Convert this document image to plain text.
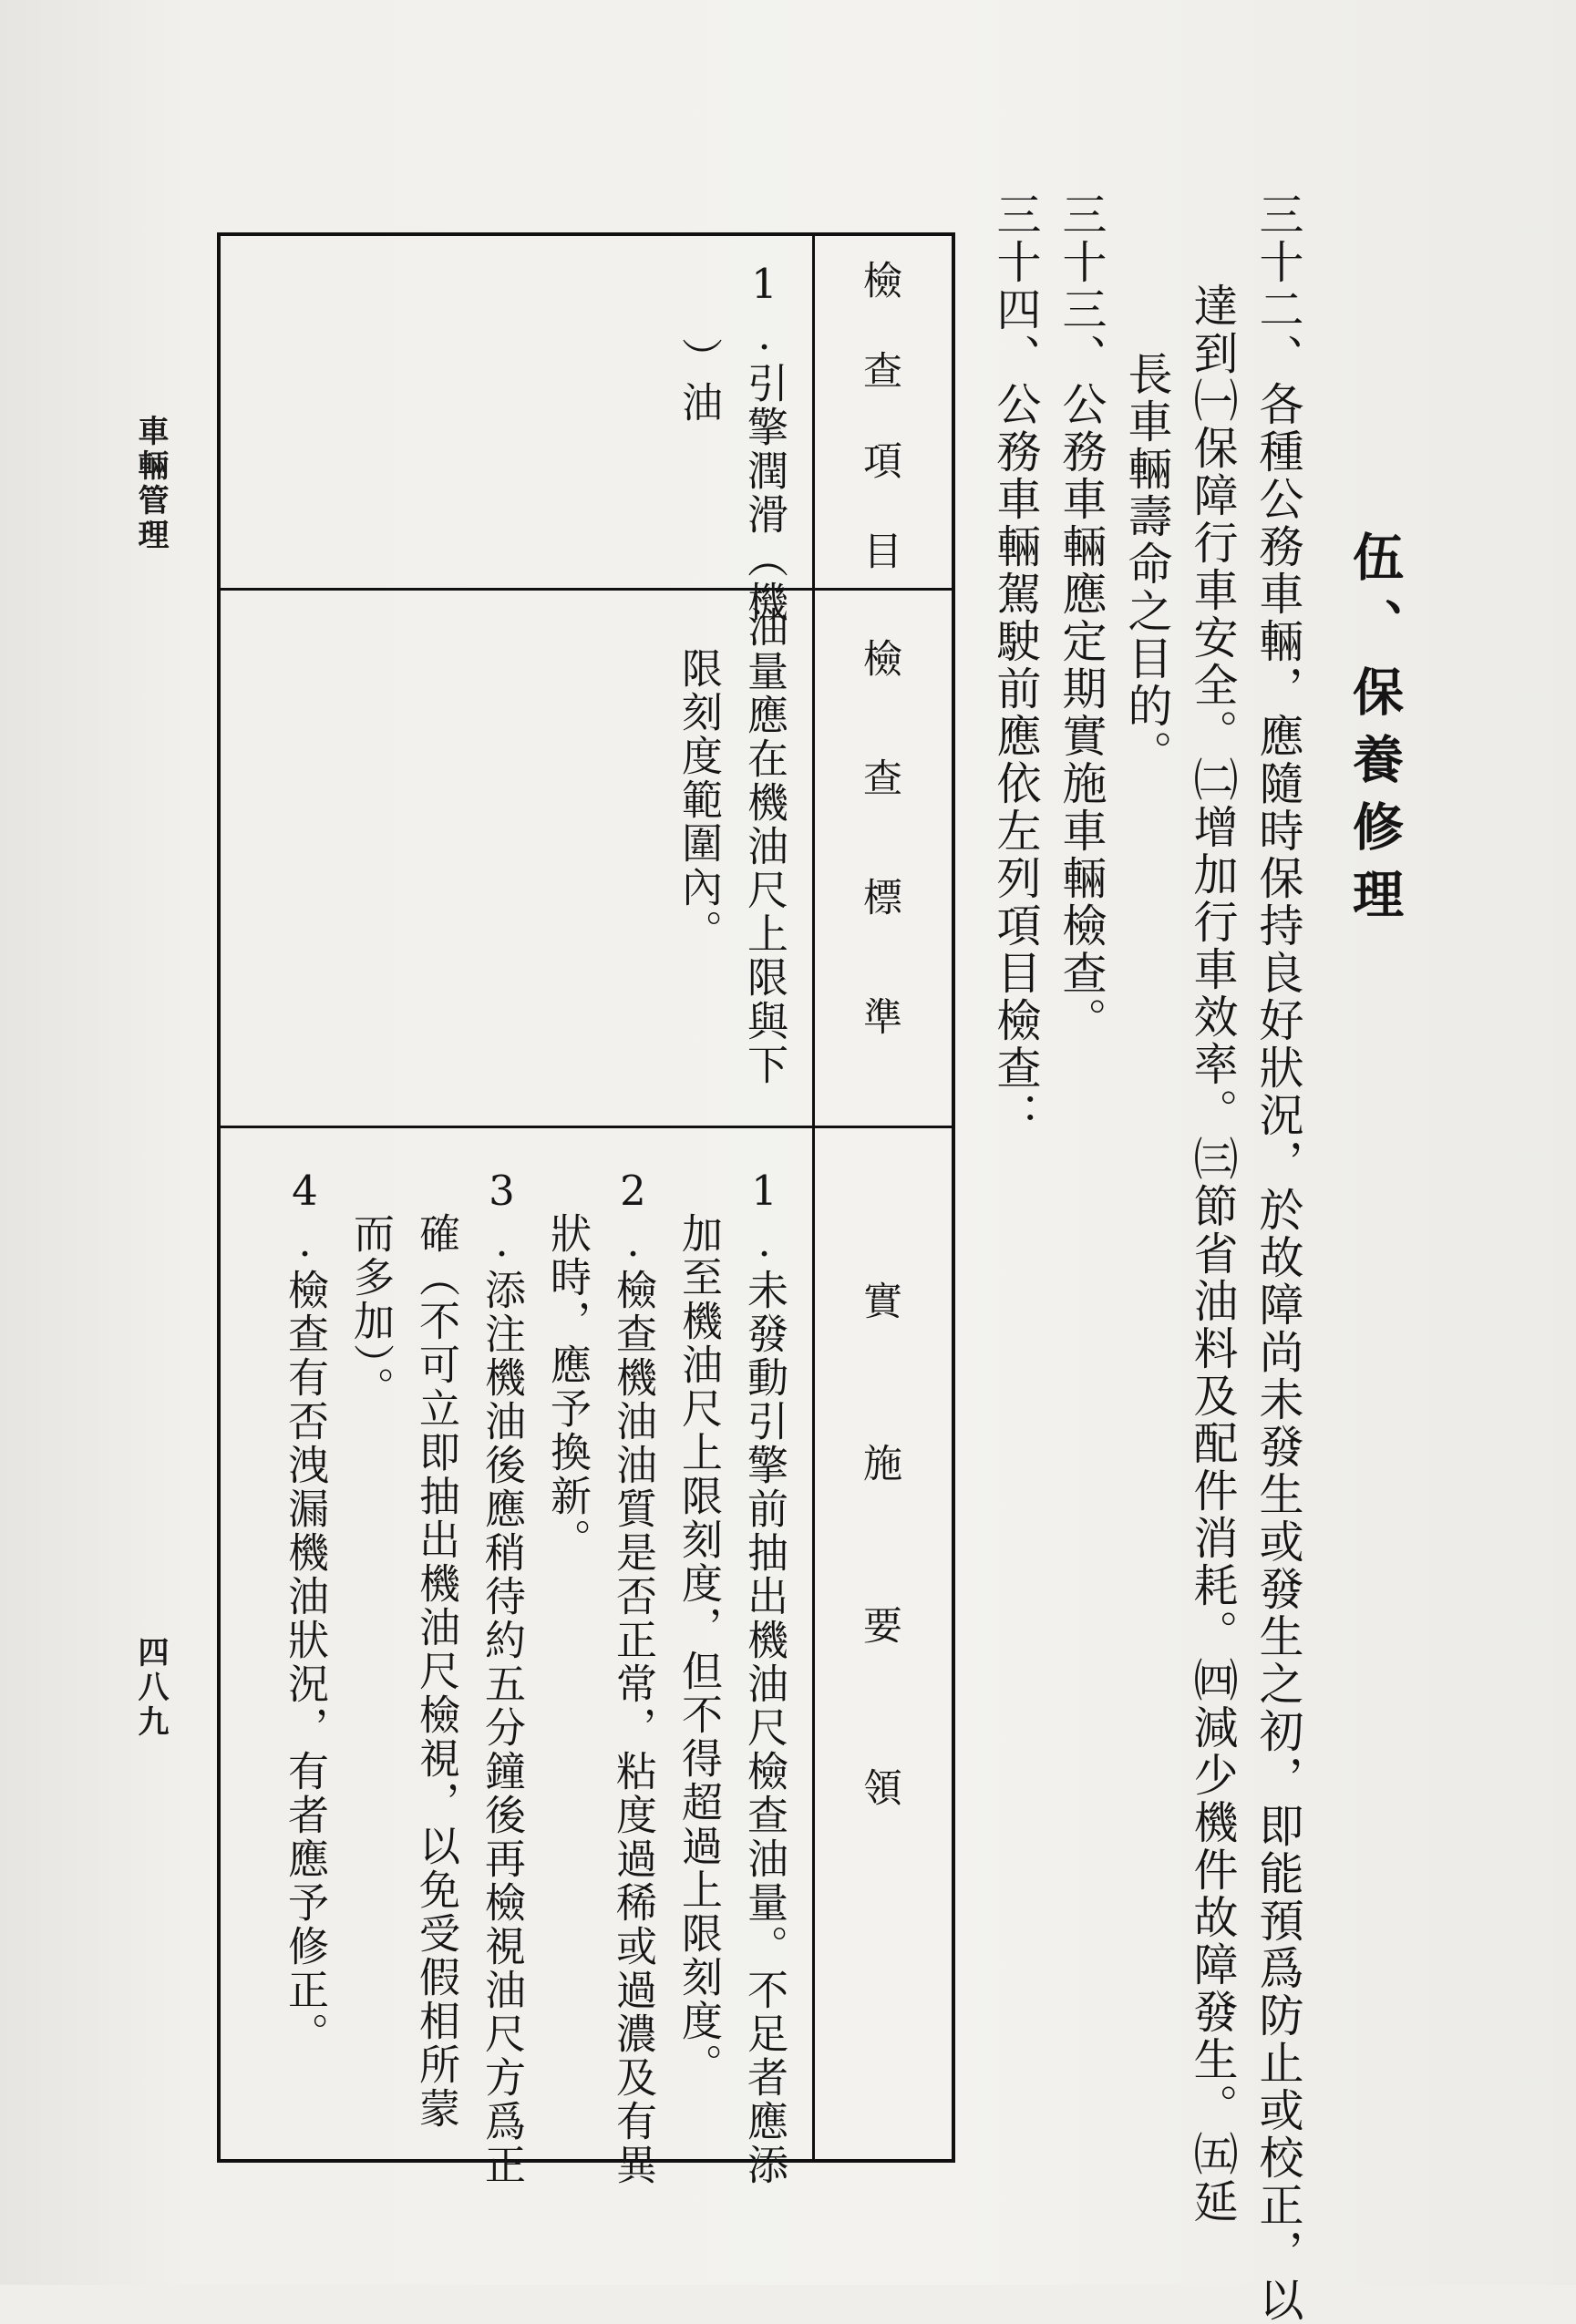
伍、保養修理
三十二、各種公務車輛，應隨時保持良好狀況，於故障尚未發生或發生之初，即能預爲防止或校正，以
達到㈠保障行車安全。㈡增加行車效率。㈢節省油料及配件消耗。㈣減少機件故障發生。㈤延
長車輛壽命之目的。
三十三、公務車輛應定期實施車輛檢查。
三十四、公務車輛駕駛前應依左列項目檢查：
檢查項目
檢查標準
實施要領
1.引擎潤滑（機
）油
油量應在機油尺上限與下
限刻度範圍內。
1.未發動引擎前抽出機油尺檢查油量。不足者應添
加至機油尺上限刻度，但不得超過上限刻度。
2.檢查機油油質是否正常，粘度過稀或過濃及有異
狀時，應予換新。
3.添注機油後應稍待約五分鐘後再檢視油尺方爲正
確（不可立即抽出機油尺檢視，以免受假相所蒙
而多加）。
4.檢查有否洩漏機油狀況，有者應予修正。
車輛管理
四八九
